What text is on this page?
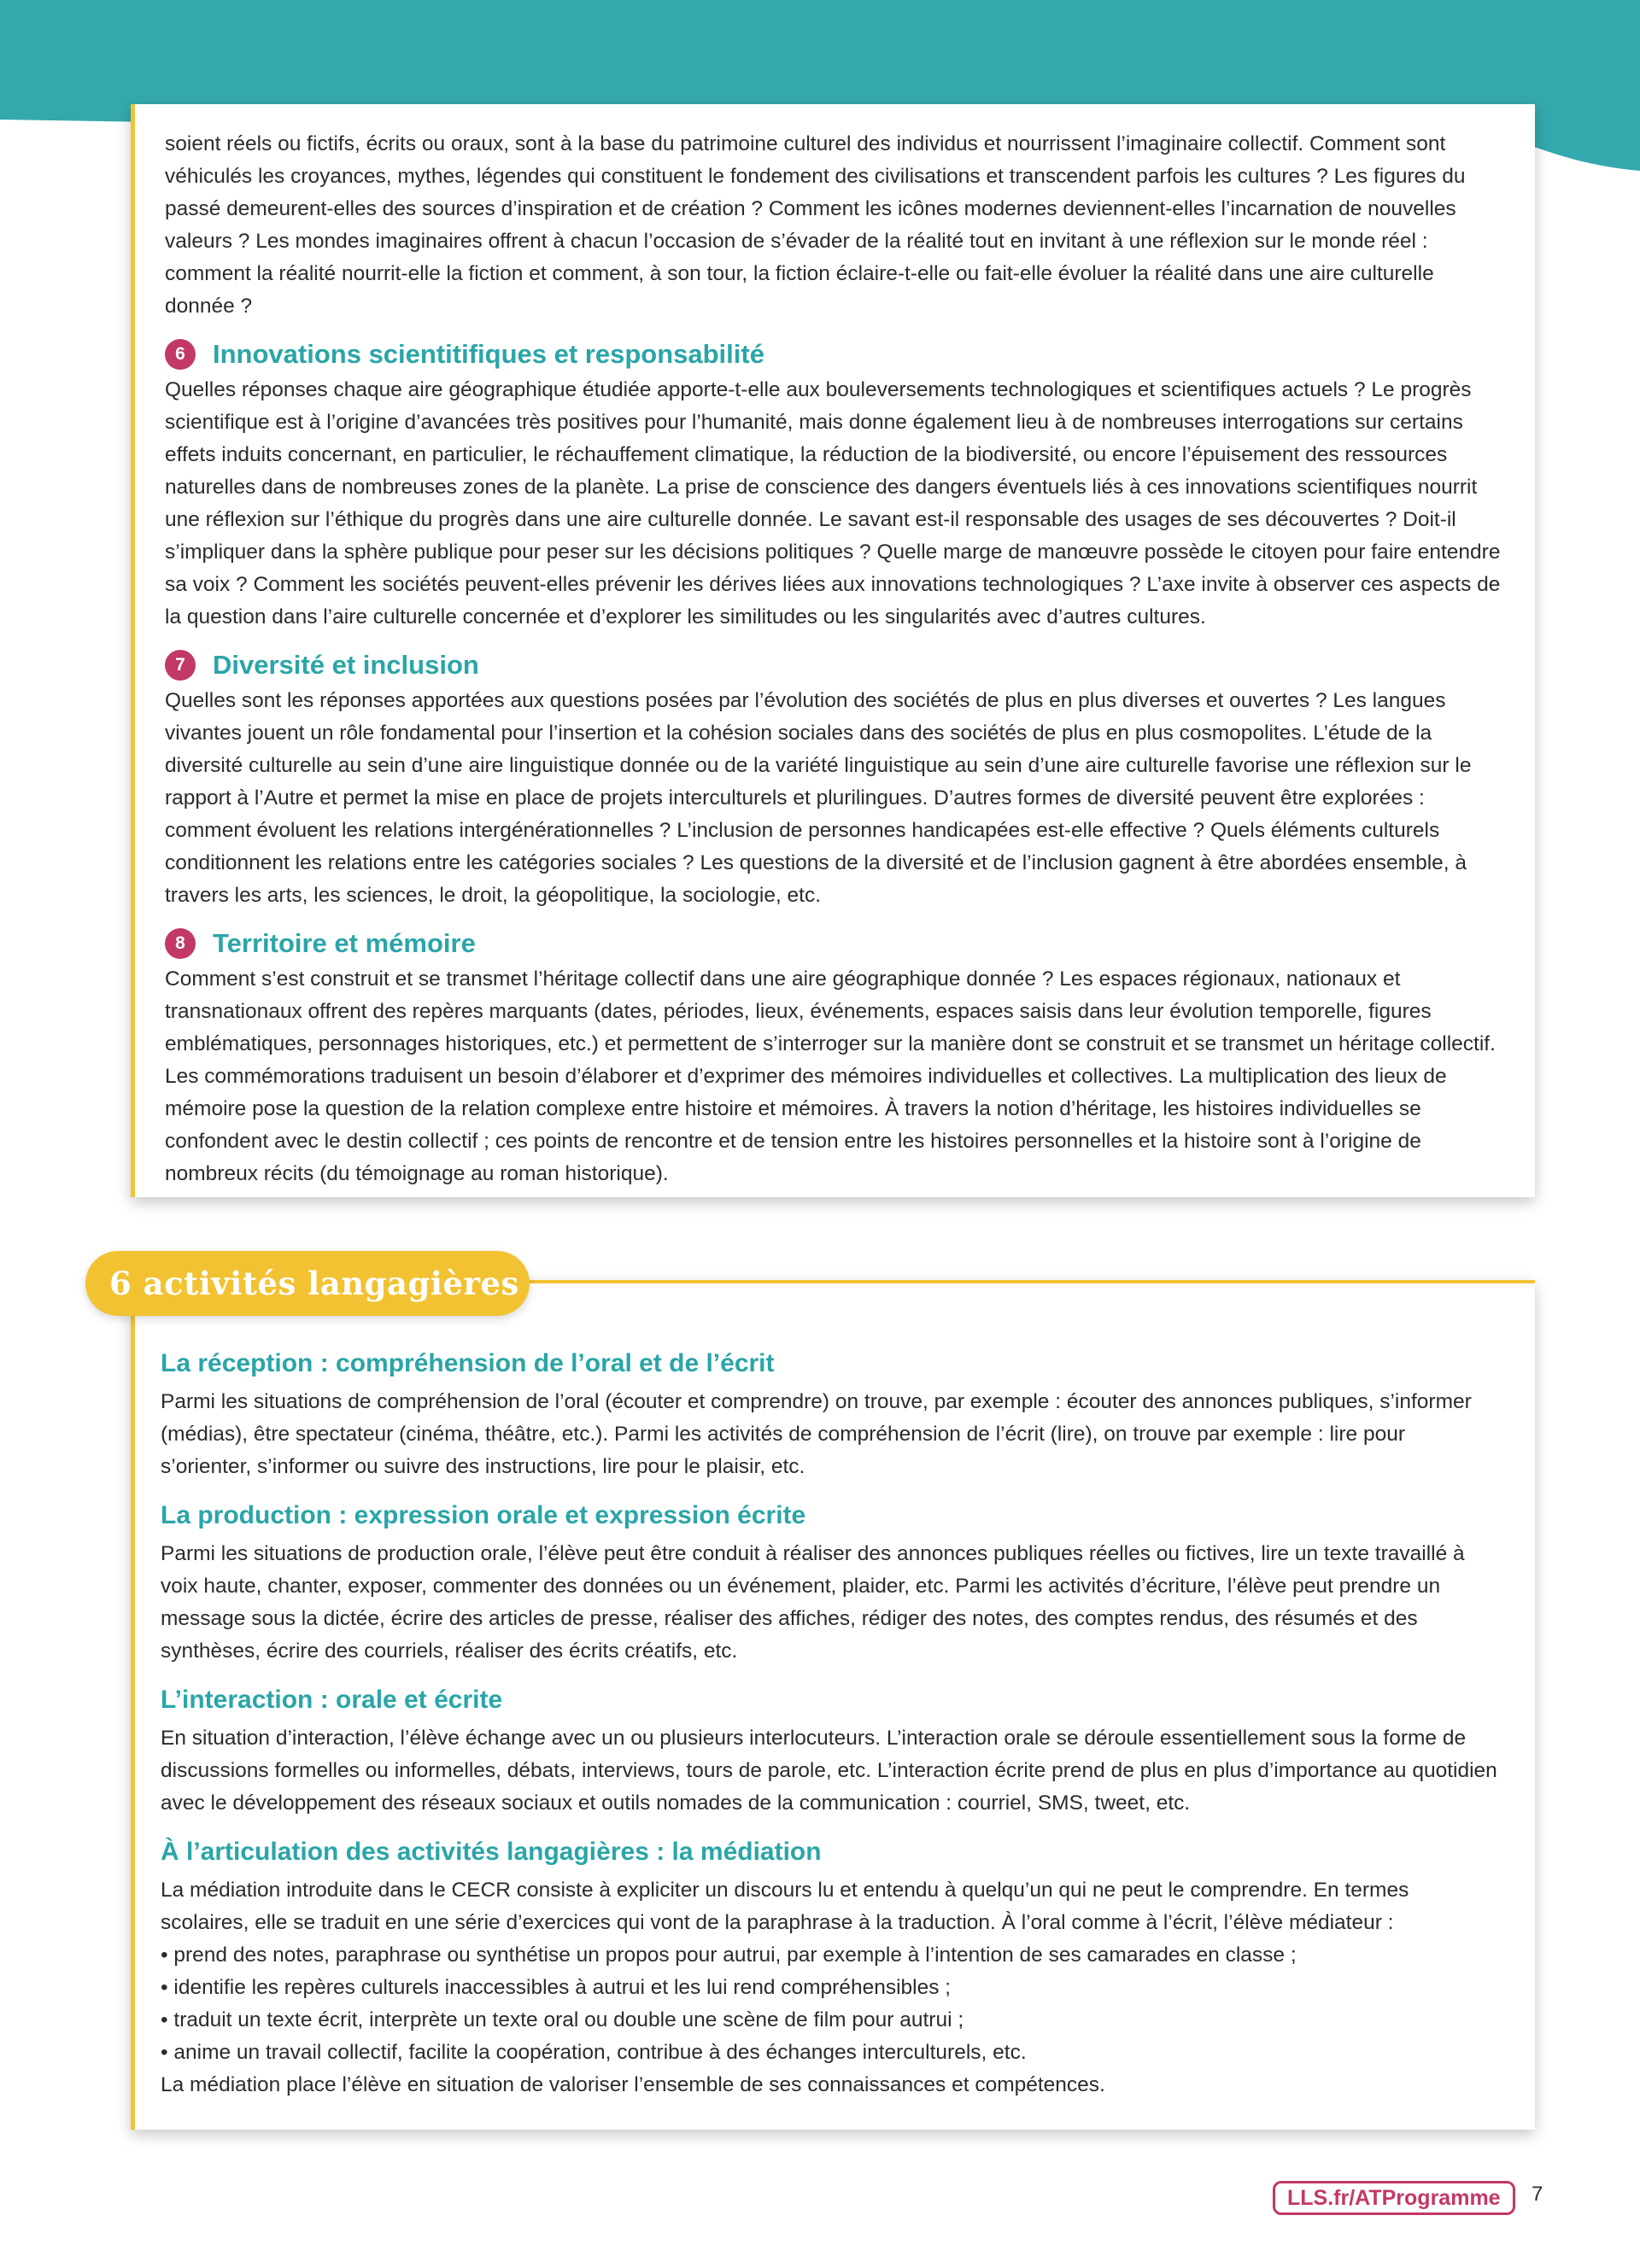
soient réels ou fictifs, écrits ou oraux, sont à la base du patrimoine culturel des individus et nourrissent l’imaginaire collectif. Comment sont véhiculés les croyances, mythes, légendes qui constituent le fondement des civilisations et transcendent parfois les cultures ? Les figures du passé demeurent-elles des sources d’inspiration et de création ? Comment les icônes modernes deviennent-elles l’incarnation de nouvelles valeurs ? Les mondes imaginaires offrent à chacun l’occasion de s’évader de la réalité tout en invitant à une réflexion sur le monde réel : comment la réalité nourrit-elle la fiction et comment, à son tour, la fiction éclaire-t-elle ou fait-elle évoluer la réalité dans une aire culturelle donnée ?

6	Innovations scientitifiques et responsabilité

Quelles réponses chaque aire géographique étudiée apporte-t-elle aux bouleversements technologiques et scientifiques actuels ? Le progrès scientifique est à l’origine d’avancées très positives pour l’humanité, mais donne également lieu à de nombreuses interrogations sur certains effets induits concernant, en particulier, le réchauffement climatique, la réduction de la biodiversité, ou encore l’épuisement des ressources naturelles dans de nombreuses zones de la planète. La prise de conscience des dangers éventuels liés à ces innovations scientifiques nourrit une réflexion sur l’éthique du progrès dans une aire culturelle donnée. Le savant est-il responsable des usages de ses découvertes ? Doit-il s’impliquer dans la sphère publique pour peser sur les décisions politiques ? Quelle marge de manœuvre possède le citoyen pour faire entendre sa voix ? Comment les sociétés peuvent-elles prévenir les dérives liées aux innovations technologiques ? L’axe invite à observer ces aspects de la question dans l’aire culturelle concernée et d’explorer les similitudes ou les singularités avec d’autres cultures.

7	Diversité et inclusion

Quelles sont les réponses apportées aux questions posées par l’évolution des sociétés de plus en plus diverses et ouvertes ? Les langues vivantes jouent un rôle fondamental pour l’insertion et la cohésion sociales dans des sociétés de plus en plus cosmopolites. L’étude de la diversité culturelle au sein d’une aire linguistique donnée ou de la variété linguistique au sein d’une aire culturelle favorise une réflexion sur le rapport à l’Autre et permet la mise en place de projets interculturels et plurilingues. D’autres formes de diversité peuvent être explorées : comment évoluent les relations intergénérationnelles ? L’inclusion de personnes handicapées est-elle effective ? Quels éléments culturels conditionnent les relations entre les catégories sociales ? Les questions de la diversité et de l’inclusion gagnent à être abordées ensemble, à travers les arts, les sciences, le droit, la géopolitique, la sociologie, etc.

8	Territoire et mémoire

Comment s’est construit et se transmet l’héritage collectif dans une aire géographique donnée ? Les espaces régionaux, nationaux et transnationaux offrent des repères marquants (dates, périodes, lieux, événements, espaces saisis dans leur évolution temporelle, figures emblématiques, personnages historiques, etc.) et permettent de s’interroger sur la manière dont se construit et se transmet un héritage collectif. Les commémorations traduisent un besoin d’élaborer et d’exprimer des mémoires individuelles et collectives. La multiplication des lieux de mémoire pose la question de la relation complexe entre histoire et mémoires. À travers la notion d’héritage, les histoires individuelles se confondent avec le destin collectif ; ces points de rencontre et de tension entre les histoires personnelles et la histoire sont à l’origine de nombreux récits (du témoignage au roman historique).

La réception : compréhension de l’oral et de l’écrit

Parmi les situations de compréhension de l’oral (écouter et comprendre) on trouve, par exemple : écouter des annonces publiques, s’informer (médias), être spectateur (cinéma, théâtre, etc.). Parmi les activités de compréhension de l’écrit (lire), on trouve par exemple : lire pour s’orienter, s’informer ou suivre des instructions, lire pour le plaisir, etc.

La production : expression orale et expression écrite

Parmi les situations de production orale, l’élève peut être conduit à réaliser des annonces publiques réelles ou fictives, lire un texte travaillé à voix haute, chanter, exposer, commenter des données ou un événement, plaider, etc. Parmi les activités d’écriture, l’élève peut prendre un message sous la dictée, écrire des articles de presse, réaliser des affiches, rédiger des notes, des comptes rendus, des résumés et des synthèses, écrire des courriels, réaliser des écrits créatifs, etc.

L’interaction : orale et écrite

En situation d’interaction, l’élève échange avec un ou plusieurs interlocuteurs. L’interaction orale se déroule essentiellement sous la forme de discussions formelles ou informelles, débats, interviews, tours de parole, etc. L’interaction écrite prend de plus en plus d’importance au quotidien avec le développement des réseaux sociaux et outils nomades de la communication : courriel, SMS, tweet, etc.

À l’articulation des activités langagières : la médiation

La médiation introduite dans le CECR consiste à expliciter un discours lu et entendu à quelqu’un qui ne peut le comprendre. En termes scolaires, elle se traduit en une série d’exercices qui vont de la paraphrase à la traduction. À l’oral comme à l’écrit, l’élève médiateur :

• prend des notes, paraphrase ou synthétise un propos pour autrui, par exemple à l’intention de ses camarades en classe ;
• identifie les repères culturels inaccessibles à autrui et les lui rend compréhensibles ;
• traduit un texte écrit, interprète un texte oral ou double une scène de film pour autrui ;
• anime un travail collectif, facilite la coopération, contribue à des échanges interculturels, etc.

La médiation place l’élève en situation de valoriser l’ensemble de ses connaissances et compétences.

6 activités langagières
LLS.fr/ATProgramme	7
